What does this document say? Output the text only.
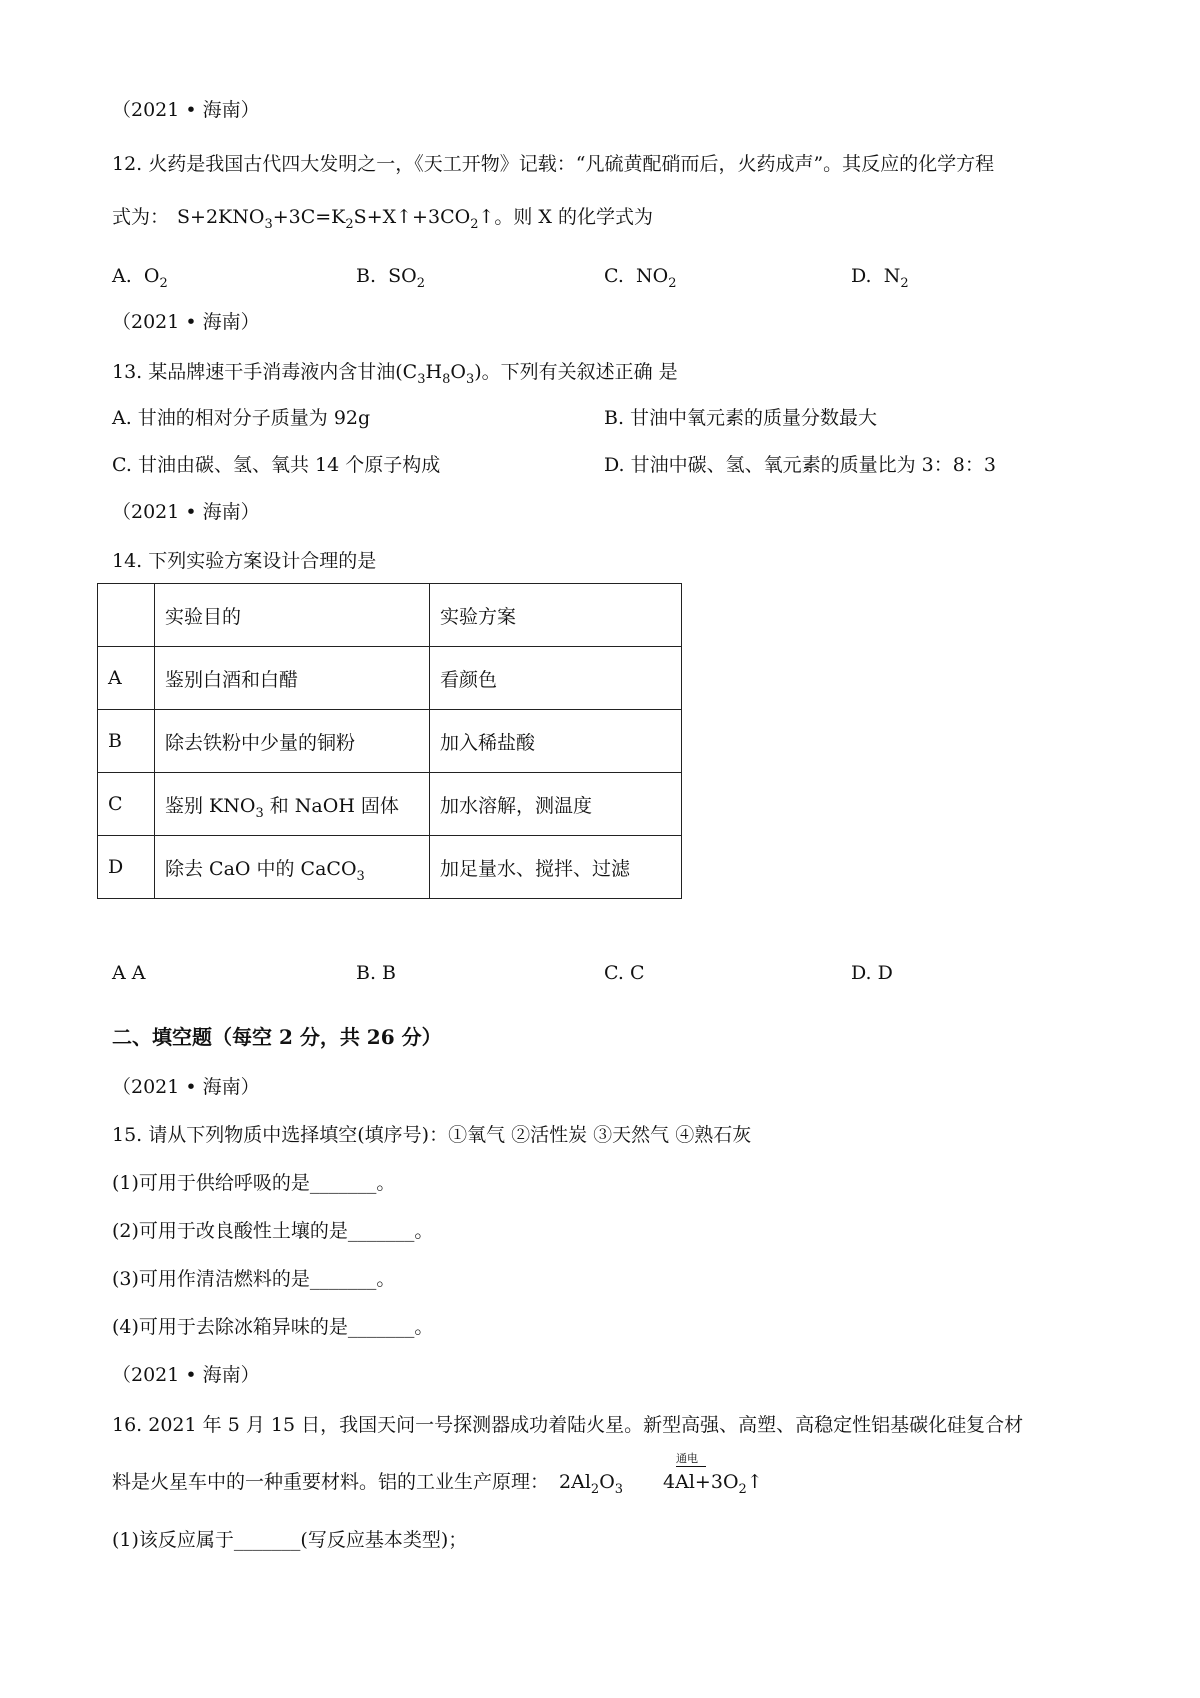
（2021 • 海南）
12. 火药是我国古代四大发明之一，《天工开物》记载：“凡硫黄配硝而后，火药成声”。其反应的化学方程
式为： $S+2KNO_3+3C=K_2S+X↑+3CO_2↑$。则 X 的化学式为
A. $O_2$	B. $SO_2$	C. $NO_2$	D. $N_2$
（2021 • 海南）
13. 某品牌速干手消毒液内含甘油$(C_3H_8O_3)$。下列有关叙述正确 是
A. 甘油的相对分子质量为 92g	B. 甘油中氧元素的质量分数最大
C. 甘油由碳、氢、氧共 14 个原子构成	D. 甘油中碳、氢、氧元素的质量比为 3：8：3
（2021 • 海南）
14. 下列实验方案设计合理的是
	实验目的	实验方案
A	鉴别白酒和白醋	看颜色
B	除去铁粉中少量的铜粉	加入稀盐酸
C	鉴别 $KNO_3$ 和 NaOH 固体	加水溶解，测温度
D	除去 CaO 中的 CaCO$_3$	加足量水、搅拌、过滤
A A	B. B	C. C	D. D
二、填空题（每空 2 分，共 26 分）
（2021 • 海南）
15. 请从下列物质中选择填空(填序号)：①氧气 ②活性炭 ③天然气 ④熟石灰
(1)可用于供给呼吸的是_______。
(2)可用于改良酸性土壤的是_______。
(3)可用作清洁燃料的是_______。
(4)可用于去除冰箱异味的是_______。
（2021 • 海南）
16. 2021 年 5 月 15 日，我国天问一号探测器成功着陆火星。新型高强、高塑、高稳定性铝基碳化硅复合材
料是火星车中的一种重要材料。铝的工业生产原理： $2Al_2O_3$ $4Al+3O_2↑$
通电
(1)该反应属于_______(写反应基本类型)；
